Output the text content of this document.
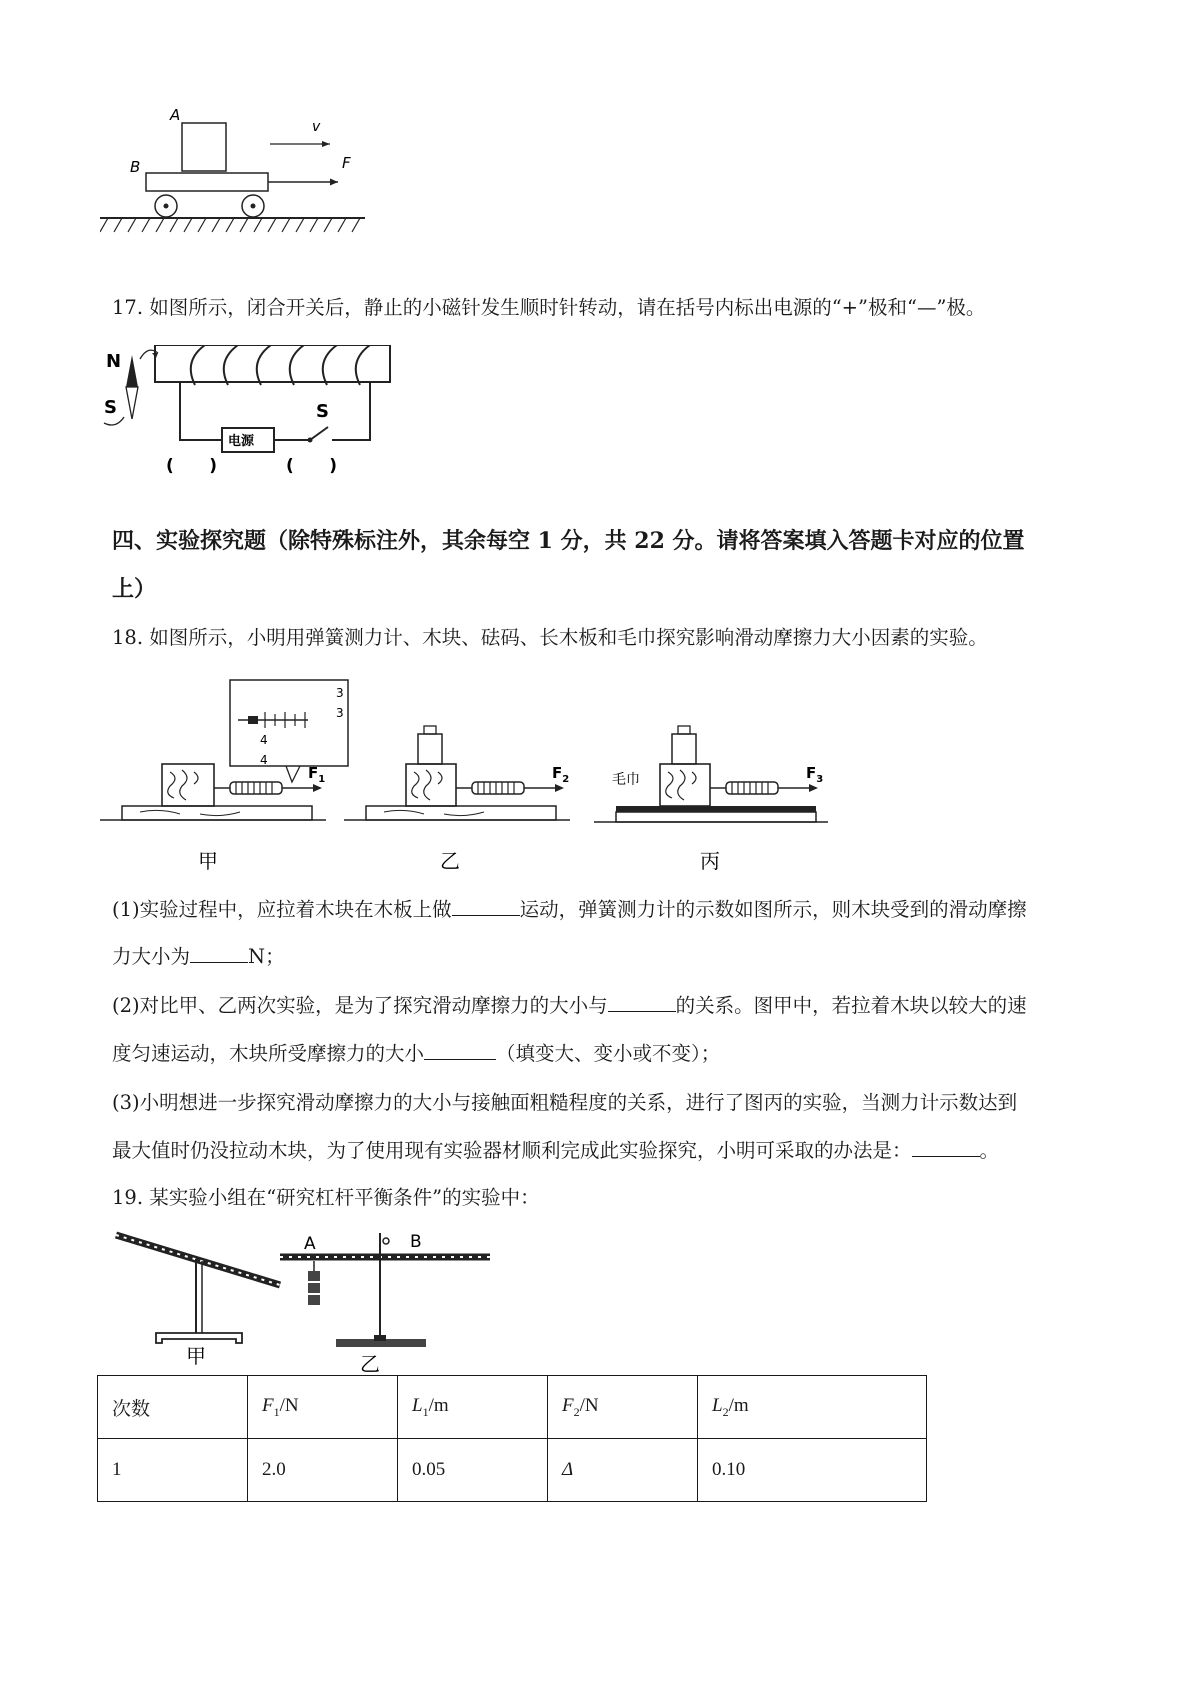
A
B	F
v
17. 如图所示，闭合开关后，静止的小磁针发生顺时针转动，请在括号内标出电源的“+”极和“—”极。
N
S
电源
S
(      )	(      )
四、实验探究题（除特殊标注外，其余每空 1 分，共 22 分。请将答案填入答题卡对应的位置
上）
18. 如图所示，小明用弹簧测力计、木块、砝码、长木板和毛巾探究影响滑动摩擦力大小因素的实验。
3
3
4
4
$F_1$
甲
$F_2$
乙
毛巾	$F_3$
丙
(1)实验过程中，应拉着木块在木板上做	运动，弹簧测力计的示数如图所示，则木块受到的滑动摩擦
力大小为	N；
(2)对比甲、乙两次实验，是为了探究滑动摩擦力的大小与	的关系。图甲中，若拉着木块以较大的速
度匀速运动，木块所受摩擦力的大小	（填变大、变小或不变）；
(3)小明想进一步探究滑动摩擦力的大小与接触面粗糙程度的关系，进行了图丙的实验，当测力计示数达到
最大值时仍没拉动木块，为了使用现有实验器材顺利完成此实验探究，小明可采取的办法是：	。
19. 某实验小组在“研究杠杆平衡条件”的实验中：
甲
A	B
乙
次数	$F_1/N$	$L_1/m$	$F_2/N$	$L_2/m$
1	2.0	0.05	Δ	0.10
